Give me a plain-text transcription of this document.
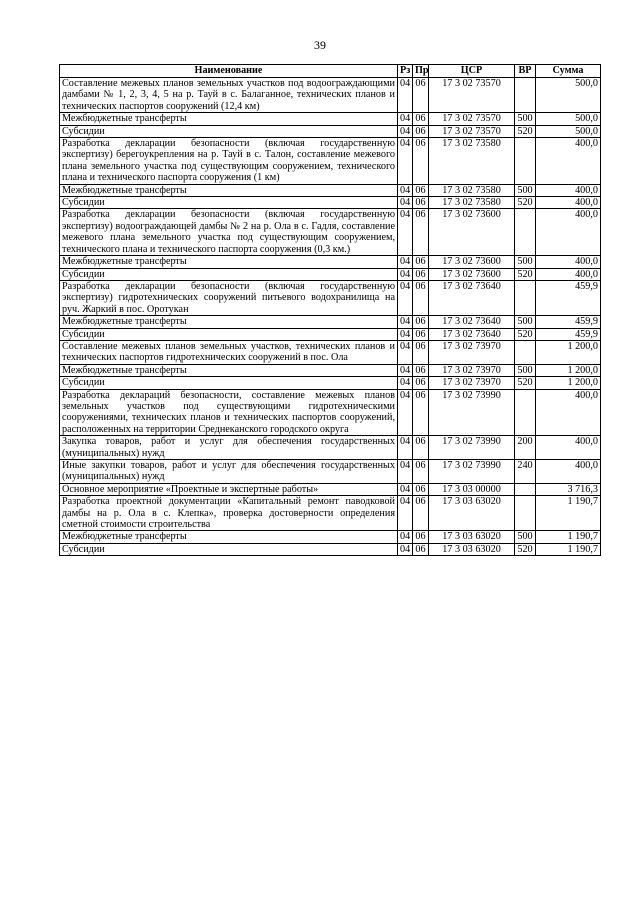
39
Наименование	Рз	Пр	ЦСР	ВР	Сумма
Составление межевых планов земельных участков под водоограждающими дамбами № 1, 2, 3, 4, 5 на р. Тауй в с. Балаганное, технических планов и технических паспортов сооружений (12,4 км)	04	06	17 3 02 73570		500,0
Межбюджетные трансферты	04	06	17 3 02 73570	500	500,0
Субсидии	04	06	17 3 02 73570	520	500,0
Разработка декларации безопасности (включая государственную экспертизу) берегоукрепления на р. Тауй в с. Талон, составление межевого плана земельного участка под существующим сооружением, технического плана и технического паспорта сооружения (1 км)	04	06	17 3 02 73580		400,0
Межбюджетные трансферты	04	06	17 3 02 73580	500	400,0
Субсидии	04	06	17 3 02 73580	520	400,0
Разработка декларации безопасности (включая государственную экспертизу) водоограждающей дамбы № 2 на р. Ола в с. Гадля, составление межевого плана земельного участка под существующим сооружением, технического плана и технического паспорта сооружения (0,3 км.)	04	06	17 3 02 73600		400,0
Межбюджетные трансферты	04	06	17 3 02 73600	500	400,0
Субсидии	04	06	17 3 02 73600	520	400,0
Разработка декларации безопасности (включая государственную экспертизу) гидротехнических сооружений питьевого водохранилища на руч. Жаркий в пос. Оротукан	04	06	17 3 02 73640		459,9
Межбюджетные трансферты	04	06	17 3 02 73640	500	459,9
Субсидии	04	06	17 3 02 73640	520	459,9
Составление межевых планов земельных участков, технических планов и технических паспортов гидротехнических сооружений в пос. Ола	04	06	17 3 02 73970		1 200,0
Межбюджетные трансферты	04	06	17 3 02 73970	500	1 200,0
Субсидии	04	06	17 3 02 73970	520	1 200,0
Разработка деклараций безопасности, составление межевых планов земельных участков под существующими гидротехническими сооружениями, технических планов и технических паспортов сооружений, расположенных на территории Среднеканского городского округа	04	06	17 3 02 73990		400,0
Закупка товаров, работ и услуг для обеспечения государственных (муниципальных) нужд	04	06	17 3 02 73990	200	400,0
Иные закупки товаров, работ и услуг для обеспечения государственных (муниципальных) нужд	04	06	17 3 02 73990	240	400,0
Основное мероприятие «Проектные и экспертные работы»	04	06	17 3 03 00000		3 716,3
Разработка проектной документации «Капитальный ремонт паводковой дамбы на р. Ола в с. Клепка», проверка достоверности определения сметной стоимости строительства	04	06	17 3 03 63020		1 190,7
Межбюджетные трансферты	04	06	17 3 03 63020	500	1 190,7
Субсидии	04	06	17 3 03 63020	520	1 190,7
